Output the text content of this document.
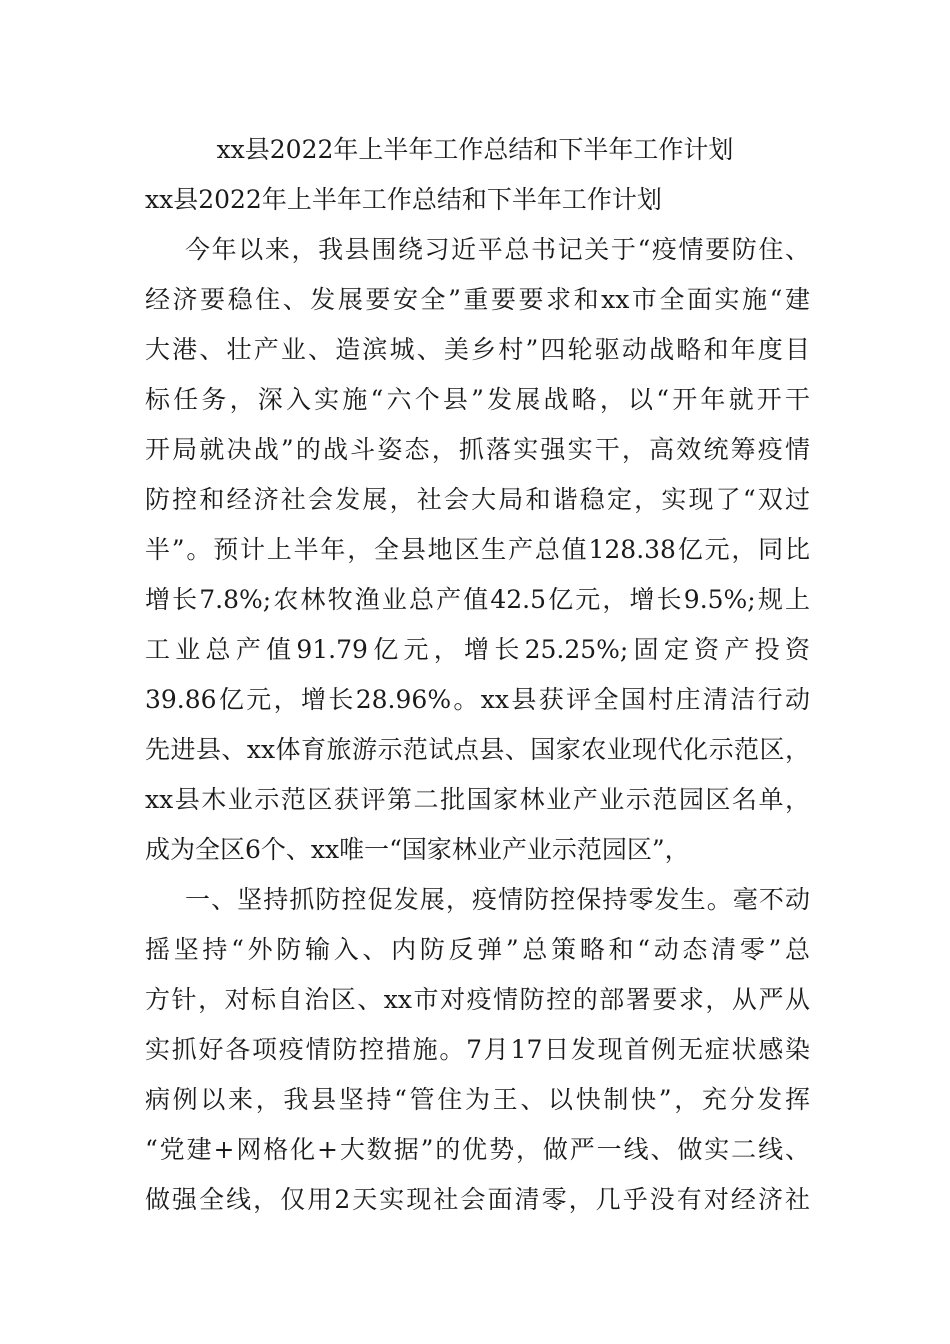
xx县2022年上半年工作总结和下半年工作计划
xx县2022年上半年工作总结和下半年工作计划
今年以来，我县围绕习近平总书记关于“疫情要防住、
经济要稳住、发展要安全”重要要求和xx市全面实施“建
大港、壮产业、造滨城、美乡村”四轮驱动战略和年度目
标任务，深入实施“六个县”发展战略，以“开年就开干
开局就决战”的战斗姿态，抓落实强实干，高效统筹疫情
防控和经济社会发展，社会大局和谐稳定，实现了“双过
半”。预计上半年，全县地区生产总值128.38亿元，同比
增长7.8%;农林牧渔业总产值42.5亿元，增长9.5%;规上
工业总产值91.79亿元，增长25.25%;固定资产投资
39.86亿元，增长28.96%。xx县获评全国村庄清洁行动
先进县、xx体育旅游示范试点县、国家农业现代化示范区，
xx县木业示范区获评第二批国家林业产业示范园区名单，
成为全区6个、xx唯一“国家林业产业示范园区”，
一、坚持抓防控促发展，疫情防控保持零发生。毫不动
摇坚持“外防输入、内防反弹”总策略和“动态清零”总
方针，对标自治区、xx市对疫情防控的部署要求，从严从
实抓好各项疫情防控措施。7月17日发现首例无症状感染
病例以来，我县坚持“管住为王、以快制快”，充分发挥
“党建+网格化+大数据”的优势，做严一线、做实二线、
做强全线，仅用2天实现社会面清零，几乎没有对经济社
